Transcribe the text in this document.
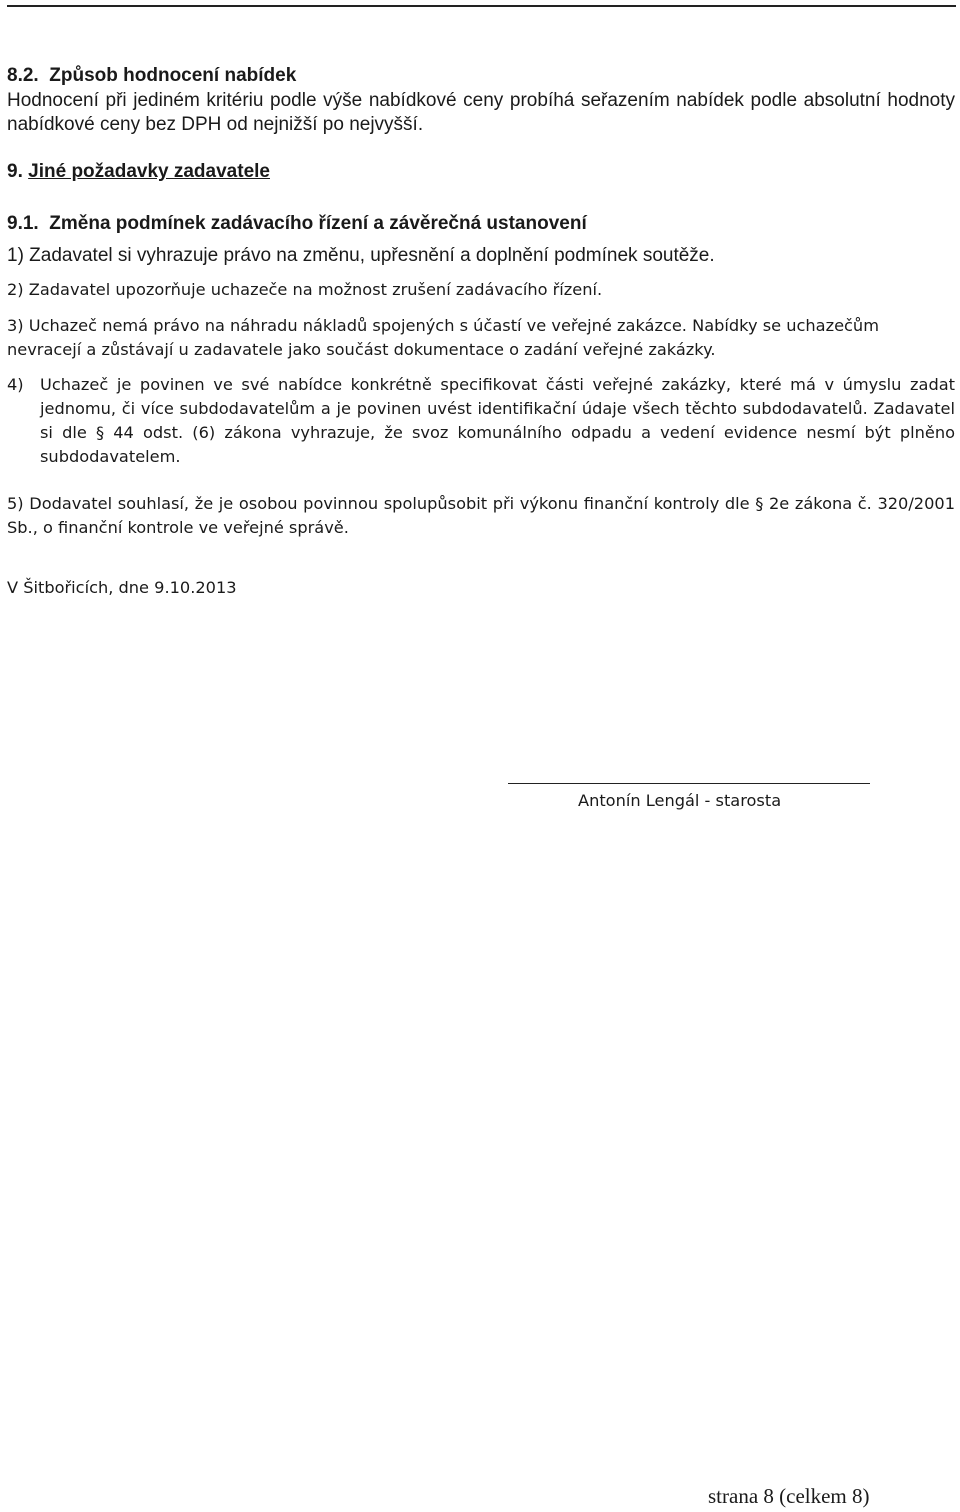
8.2. Způsob hodnocení nabídek

Hodnocení při jediném kritériu podle výše nabídkové ceny probíhá seřazením nabídek podle absolutní hodnoty nabídkové ceny bez DPH od nejnižší po nejvyšší.

9. Jiné požadavky zadavatele

9.1. Změna podmínek zadávacího řízení a závěrečná ustanovení

1) Zadavatel si vyhrazuje právo na změnu, upřesnění a doplnění podmínek soutěže.

2) Zadavatel upozorňuje uchazeče na možnost zrušení zadávacího řízení.

3) Uchazeč nemá právo na náhradu nákladů spojených s účastí ve veřejné zakázce. Nabídky se uchazečům nevracejí a zůstávají u zadavatele jako součást dokumentace o zadání veřejné zakázky.

4)	Uchazeč je povinen ve své nabídce konkrétně specifikovat části veřejné zakázky, které má v úmyslu zadat jednomu, či více subdodavatelům a je povinen uvést identifikační údaje všech těchto subdodavatelů. Zadavatel si dle § 44 odst. (6) zákona vyhrazuje, že svoz komunálního odpadu a vedení evidence nesmí být plněno subdodavatelem.

5) Dodavatel souhlasí, že je osobou povinnou spolupůsobit při výkonu finanční kontroly dle § 2e zákona č. 320/2001 Sb., o finanční kontrole ve veřejné správě.

V Šitbořicích, dne 9.10.2013

Antonín Lengál - starosta
strana 8 (celkem 8)
